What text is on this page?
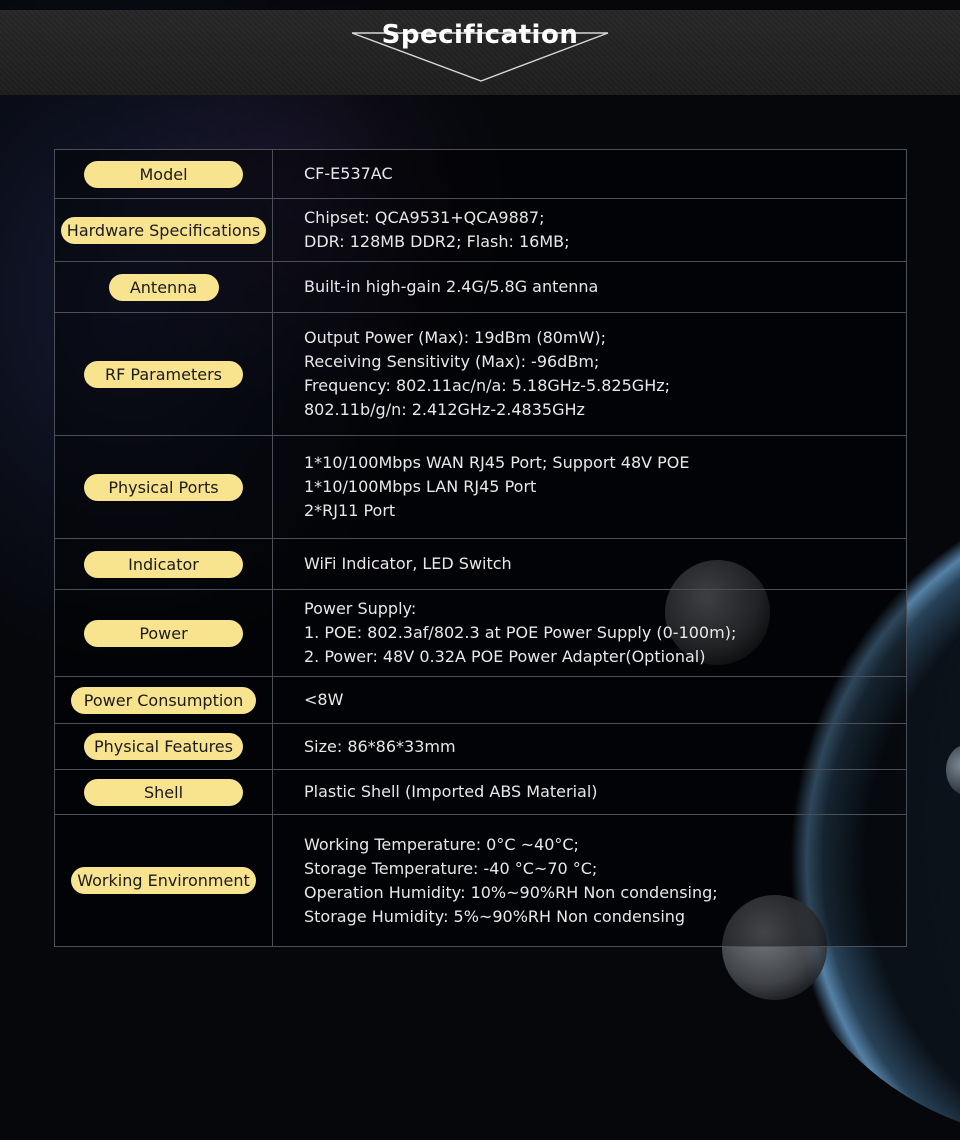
Specification
Model	CF-E537AC

Hardware Specifications	Chipset: QCA9531+QCA9887;
DDR: 128MB DDR2; Flash: 16MB;

Antenna	Built-in high-gain 2.4G/5.8G antenna

RF Parameters	Output Power (Max): 19dBm (80mW);
Receiving Sensitivity (Max): -96dBm;
Frequency: 802.11ac/n/a: 5.18GHz-5.825GHz;
802.11b/g/n: 2.412GHz-2.4835GHz

Physical Ports	1*10/100Mbps WAN RJ45 Port; Support 48V POE
1*10/100Mbps LAN RJ45 Port
2*RJ11 Port

Indicator	WiFi Indicator, LED Switch

Power	Power Supply:
1. POE: 802.3af/802.3 at POE Power Supply (0-100m);
2. Power: 48V 0.32A POE Power Adapter(Optional)

Power Consumption	<8W

Physical Features	Size: 86*86*33mm

Shell	Plastic Shell (Imported ABS Material)

Working Environment	Working Temperature: 0°C ~40°C;
Storage Temperature: -40 °C~70 °C;
Operation Humidity: 10%~90%RH Non condensing;
Storage Humidity: 5%~90%RH Non condensing
